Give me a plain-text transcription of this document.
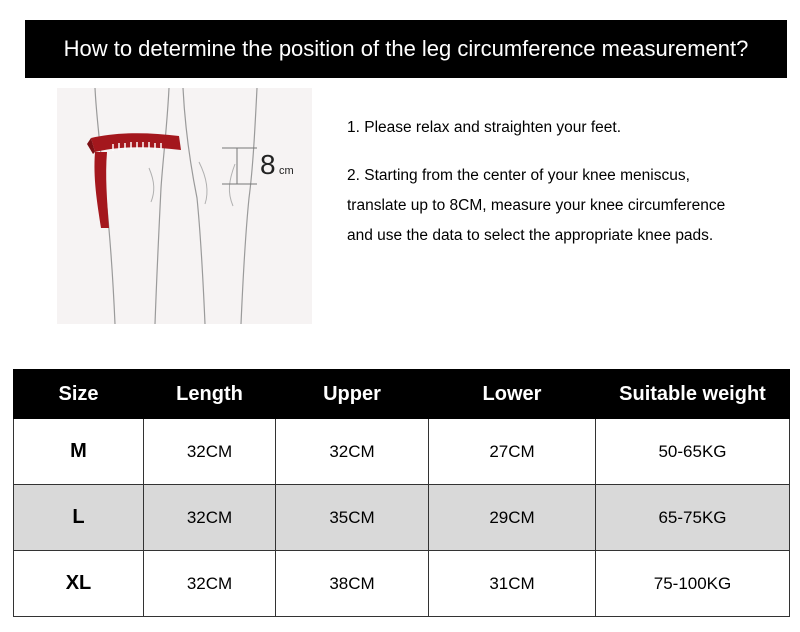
How to determine the position of the leg circumference measurement?
8 cm

1. Please relax and straighten your feet.

2. Starting from the center of your knee meniscus,

translate up to 8CM, measure your knee circumference

and use the data to select the appropriate knee pads.

Size	Length	Upper	Lower	Suitable weight
M	32CM	32CM	27CM	50-65KG
L	32CM	35CM	29CM	65-75KG
XL	32CM	38CM	31CM	75-100KG
